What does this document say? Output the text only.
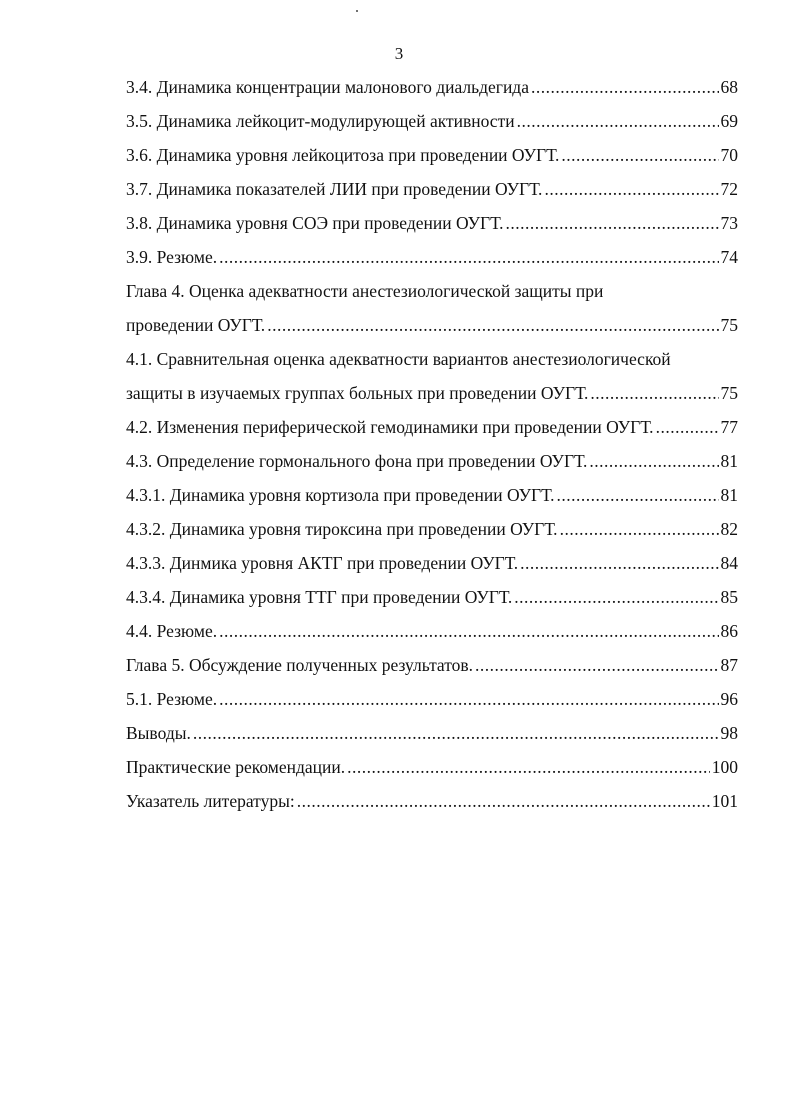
3
3.4. Динамика концентрации малонового диальдегида .....	68
3.5. Динамика лейкоцит-модулирующей активности .....	69
3.6. Динамика уровня лейкоцитоза при проведении ОУГТ. .....	70
3.7. Динамика показателей ЛИИ при проведении ОУГТ. .....	72
3.8. Динамика уровня СОЭ при проведении ОУГТ. .....	73
3.9. Резюме. .....	74
Глава 4. Оценка адекватности анестезиологической защиты при
проведении ОУГТ. .....	75
4.1. Сравнительная оценка адекватности вариантов анестезиологической
защиты в изучаемых группах больных при проведении ОУГТ. .....	75
4.2. Изменения периферической гемодинамики при проведении ОУГТ. .....	77
4.3. Определение гормонального фона при проведении ОУГТ. .....	81
4.3.1. Динамика уровня кортизола при проведении ОУГТ. .....	81
4.3.2. Динамика уровня тироксина при проведении ОУГТ. .....	82
4.3.3. Динмика уровня АКТГ при проведении ОУГТ. .....	84
4.3.4. Динамика уровня ТТГ при проведении ОУГТ. .....	85
4.4. Резюме. .....	86
Глава 5. Обсуждение полученных результатов. .....	87
5.1. Резюме. .....	96
Выводы. .....	98
Практические рекомендации. .....	100
Указатель литературы: .....	101
